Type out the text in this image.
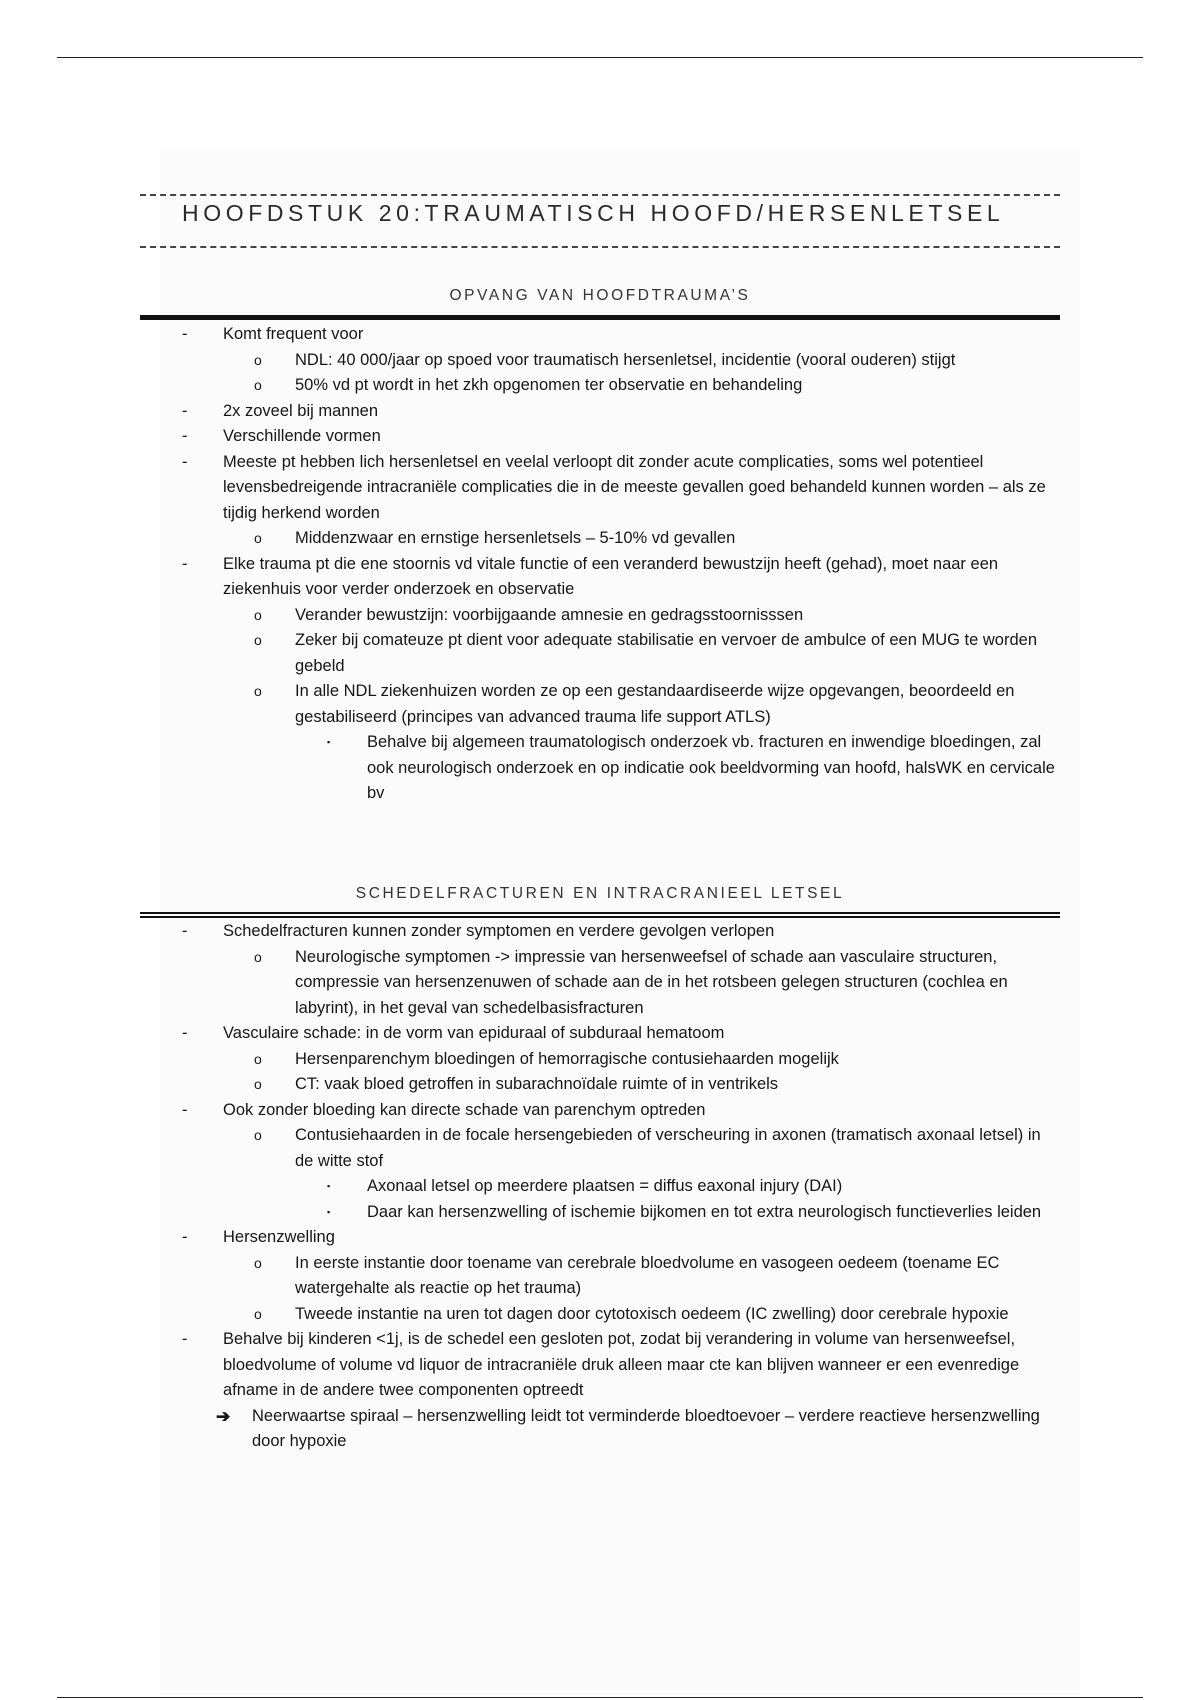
HOOFDSTUK 20:TRAUMATISCH HOOFD/HERSENLETSEL
OPVANG VAN HOOFDTRAUMA’S
-	Komt frequent voor
o	NDL: 40 000/jaar op spoed voor traumatisch hersenletsel, incidentie (vooral ouderen) stijgt
o	50% vd pt wordt in het zkh opgenomen ter observatie en behandeling
-	2x zoveel bij mannen
-	Verschillende vormen
-	Meeste pt hebben lich hersenletsel en veelal verloopt dit zonder acute complicaties, soms wel potentieel levensbedreigende intracraniële complicaties die in de meeste gevallen goed behandeld kunnen worden – als ze tijdig herkend worden
o	Middenzwaar en ernstige hersenletsels – 5-10% vd gevallen
-	Elke trauma pt die ene stoornis vd vitale functie of een veranderd bewustzijn heeft (gehad), moet naar een ziekenhuis voor verder onderzoek en observatie
o	Verander bewustzijn: voorbijgaande amnesie en gedragsstoornisssen
o	Zeker bij comateuze pt dient voor adequate stabilisatie en vervoer de ambulce of een MUG te worden gebeld
o	In alle NDL ziekenhuizen worden ze op een gestandaardiseerde wijze opgevangen, beoordeeld en gestabiliseerd (principes van advanced trauma life support ATLS)
▪	Behalve bij algemeen traumatologisch onderzoek vb. fracturen en inwendige bloedingen, zal ook neurologisch onderzoek en op indicatie ook beeldvorming van hoofd, halsWK en cervicale bv
SCHEDELFRACTUREN EN INTRACRANIEEL LETSEL
-	Schedelfracturen kunnen zonder symptomen en verdere gevolgen verlopen
o	Neurologische symptomen -> impressie van hersenweefsel of schade aan vasculaire structuren, compressie van hersenzenuwen of schade aan de in het rotsbeen gelegen structuren (cochlea en labyrint), in het geval van schedelbasisfracturen
-	Vasculaire schade: in de vorm van epiduraal of subduraal hematoom
o	Hersenparenchym bloedingen of hemorragische contusiehaarden mogelijk
o	CT: vaak bloed getroffen in subarachnoïdale ruimte of in ventrikels
-	Ook zonder bloeding kan directe schade van parenchym optreden
o	Contusiehaarden in de focale hersengebieden of verscheuring in axonen (tramatisch axonaal letsel) in de witte stof
▪	Axonaal letsel op meerdere plaatsen = diffus eaxonal injury (DAI)
▪	Daar kan hersenzwelling of ischemie bijkomen en tot extra neurologisch functieverlies leiden
-	Hersenzwelling
o	In eerste instantie door toename van cerebrale bloedvolume en vasogeen oedeem (toename EC watergehalte als reactie op het trauma)
o	Tweede instantie na uren tot dagen door cytotoxisch oedeem (IC zwelling) door cerebrale hypoxie
-	Behalve bij kinderen <1j, is de schedel een gesloten pot, zodat bij verandering in volume van hersenweefsel, bloedvolume of volume vd liquor de intracraniële druk alleen maar cte kan blijven wanneer er een evenredige afname in de andere twee componenten optreedt
➔	Neerwaartse spiraal – hersenzwelling leidt tot verminderde bloedtoevoer – verdere reactieve hersenzwelling door hypoxie
